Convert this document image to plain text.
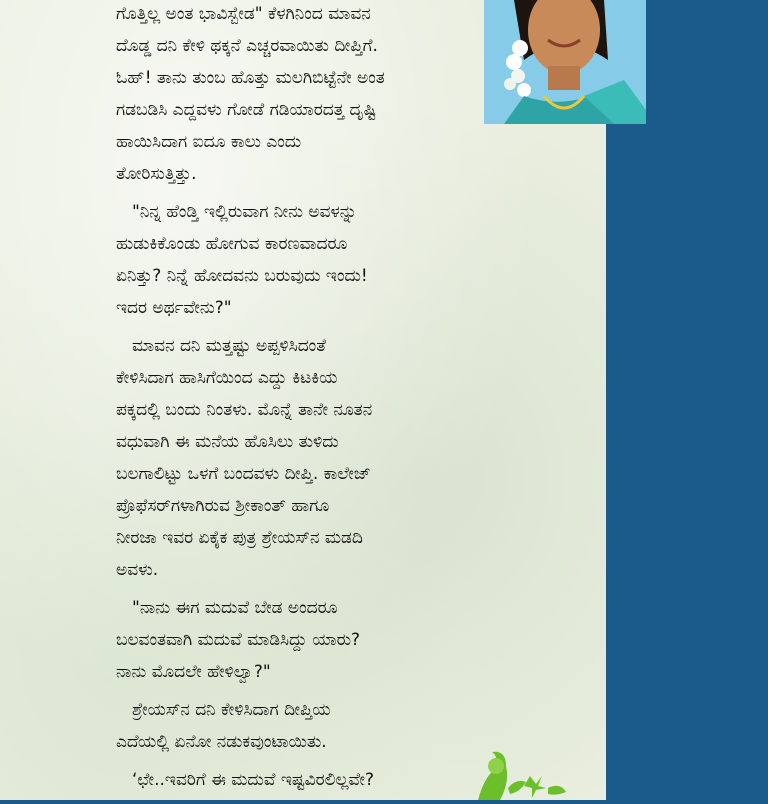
ಗೊತ್ತಿಲ್ಲ ಅಂತ ಭಾವಿಸ್ಬೇಡ" ಕೆಳಗಿನಿಂದ ಮಾವನ
ದೊಡ್ಡ ದನಿ ಕೇಳಿ ಥಕ್ಕನೆ ಎಚ್ಚರವಾಯಿತು ದೀಪ್ತಿಗೆ.
ಓಹ್! ತಾನು ತುಂಬ ಹೊತ್ತು ಮಲಗಿಬಿಟ್ಟೆನೇ ಅಂತ
ಗಡಬಡಿಸಿ ಎದ್ದವಳು ಗೋಡೆ ಗಡಿಯಾರದತ್ತ ದೃಷ್ಟಿ
ಹಾಯಿಸಿದಾಗ ಐದೂ ಕಾಲು ಎಂದು
ತೋರಿಸುತ್ತಿತ್ತು.
"ನಿನ್ನ ಹೆಂಡ್ತಿ ಇಲ್ಲಿರುವಾಗ ನೀನು ಅವಳನ್ನು
ಹುಡುಕಿಕೊಂಡು ಹೋಗುವ ಕಾರಣವಾದರೂ
ಏನಿತ್ತು? ನಿನ್ನೆ ಹೋದವನು ಬರುವುದು ಇಂದು!
ಇದರ ಅರ್ಥವೇನು?"
ಮಾವನ ದನಿ ಮತ್ತಷ್ಟು ಅಪ್ಪಳಿಸಿದಂತೆ
ಕೇಳಿಸಿದಾಗ ಹಾಸಿಗೆಯಿಂದ ಎದ್ದು ಕಿಟಕಿಯ
ಪಕ್ಕದಲ್ಲಿ ಬಂದು ನಿಂತಳು. ಮೊನ್ನೆ ತಾನೇ ನೂತನ
ವಧುವಾಗಿ ಈ ಮನೆಯ ಹೊಸಿಲು ತುಳಿದು
ಬಲಗಾಲಿಟ್ಟು ಒಳಗೆ ಬಂದವಳು ದೀಪ್ತಿ. ಕಾಲೇಜ್
ಪ್ರೊಫೆಸರ್‌ಗಳಾಗಿರುವ ಶ್ರೀಕಾಂತ್ ಹಾಗೂ
ನೀರಜಾ ಇವರ ಏಕೈಕ ಪುತ್ರ ಶ್ರೇಯಸ್‌ನ ಮಡದಿ
ಅವಳು.
"ನಾನು ಈಗ ಮದುವೆ ಬೇಡ ಅಂದರೂ
ಬಲವಂತವಾಗಿ ಮದುವೆ ಮಾಡಿಸಿದ್ದು ಯಾರು?
ನಾನು ಮೊದಲೇ ಹೇಳಿಲ್ವಾ?"
ಶ್ರೇಯಸ್‌ನ ದನಿ ಕೇಳಿಸಿದಾಗ ದೀಪ್ತಿಯ
ಎದೆಯಲ್ಲಿ ಏನೋ ನಡುಕವುಂಟಾಯಿತು.
‘ಛೇ..ಇವರಿಗೆ ಈ ಮದುವೆ ಇಷ್ಟವಿರಲಿಲ್ಲವೇ?
